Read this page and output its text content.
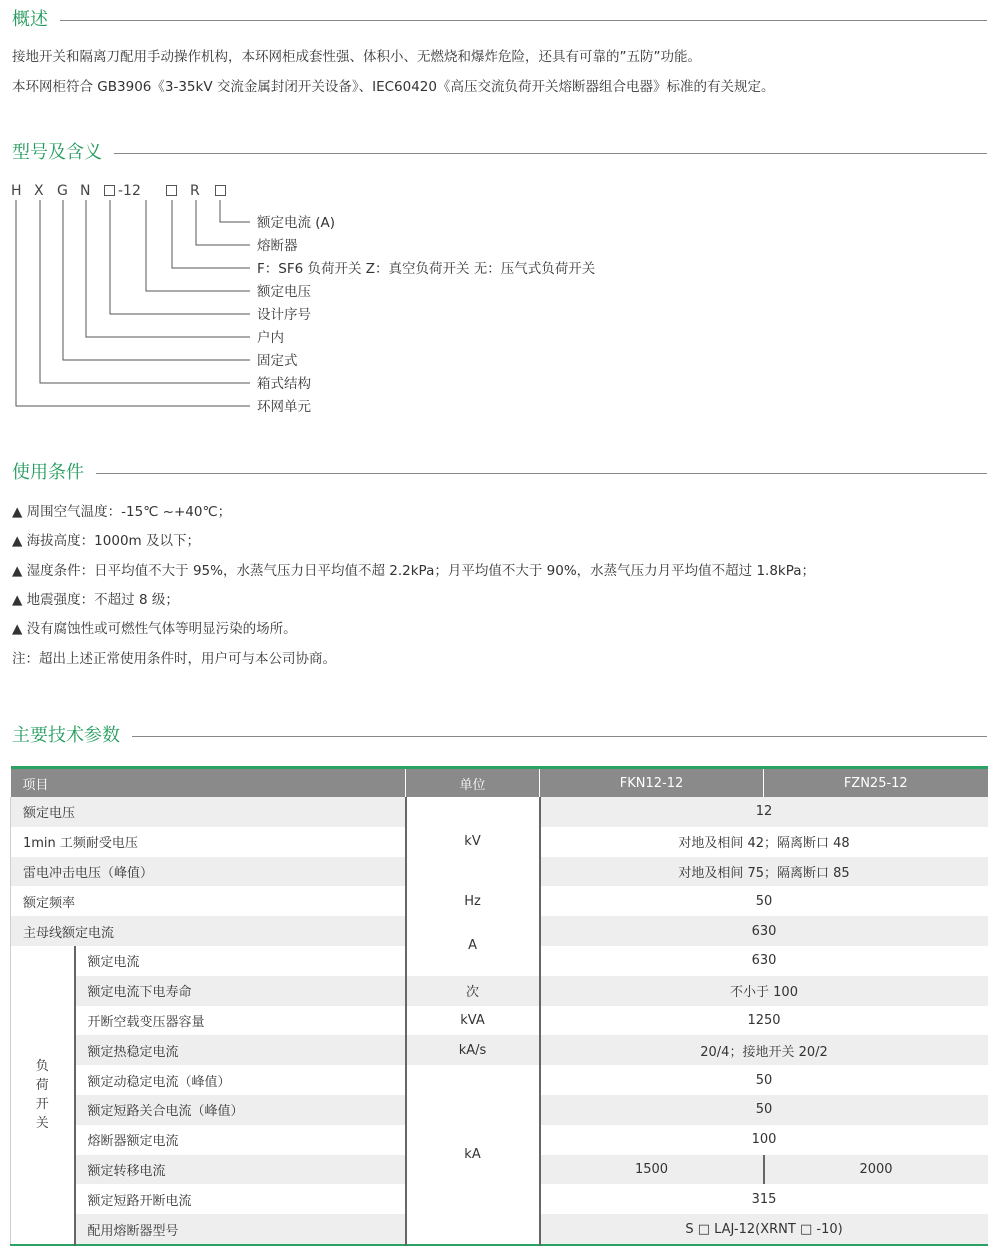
概述
接地开关和隔离刀配用手动操作机构，本环网柜成套性强、体积小、无燃烧和爆炸危险，还具有可靠的”五防”功能。
本环网柜符合 GB3906《3-35kV 交流金属封闭开关设备》、IEC60420《高压交流负荷开关熔断器组合电器》标准的有关规定。
型号及含义
H X G N -12	R
额定电流 (A)
熔断器
F：SF6 负荷开关 Z：真空负荷开关 无：压气式负荷开关
额定电压
设计序号
户内
固定式
箱式结构
环网单元
使用条件
▲ 周围空气温度：-15℃ ~+40℃；
▲ 海拔高度：1000m 及以下；
▲ 湿度条件：日平均值不大于 95%，水蒸气压力日平均值不超 2.2kPa；月平均值不大于 90%，水蒸气压力月平均值不超过 1.8kPa；
▲ 地震强度：不超过 8 级；
▲ 没有腐蚀性或可燃性气体等明显污染的场所。
注：超出上述正常使用条件时，用户可与本公司协商。
主要技术参数
项目		单位	FKN12-12	FZN25-12
额定电压		kV	12	
1min 工频耐受电压			对地及相间 42；隔离断口 48	
雷电冲击电压（峰值）			对地及相间 75；隔离断口 85	
额定频率		Hz	50	
主母线额定电流		A	630	
负
荷
开
关	额定电流		630	
	额定电流下电寿命	次	不小于 100	
	开断空载变压器容量	kVA	1250	
	额定热稳定电流	kA/s	20/4；接地开关 20/2	
	额定动稳定电流（峰值）	kA	50	
	额定短路关合电流（峰值）		50	
	熔断器额定电流		100	
	额定转移电流		1500	2000
	额定短路开断电流		315	
	配用熔断器型号		S □ LAJ-12(XRNT □ -10)	
